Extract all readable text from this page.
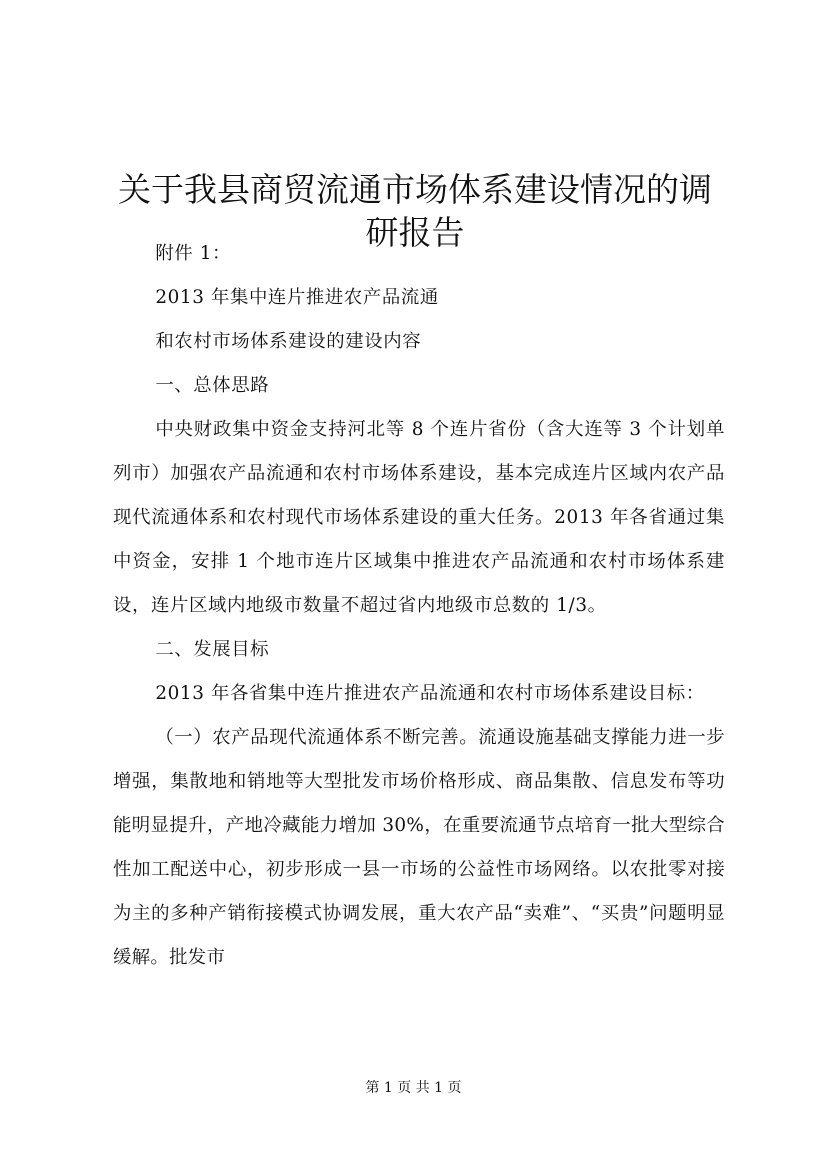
关于我县商贸流通市场体系建设情况的调研报告

附件 1：

2013 年集中连片推进农产品流通

和农村市场体系建设的建设内容

一、总体思路

中央财政集中资金支持河北等 8 个连片省份（含大连等 3 个计划单列市）加强农产品流通和农村市场体系建设，基本完成连片区域内农产品现代流通体系和农村现代市场体系建设的重大任务。2013 年各省通过集中资金，安排 1 个地市连片区域集中推进农产品流通和农村市场体系建设，连片区域内地级市数量不超过省内地级市总数的 1/3。

二、发展目标

2013 年各省集中连片推进农产品流通和农村市场体系建设目标：

（一）农产品现代流通体系不断完善。流通设施基础支撑能力进一步增强，集散地和销地等大型批发市场价格形成、商品集散、信息发布等功能明显提升，产地冷藏能力增加 30%，在重要流通节点培育一批大型综合性加工配送中心，初步形成一县一市场的公益性市场网络。以农批零对接为主的多种产销衔接模式协调发展，重大农产品“卖难”、“买贵”问题明显缓解。批发市

第 1 页 共 1 页
